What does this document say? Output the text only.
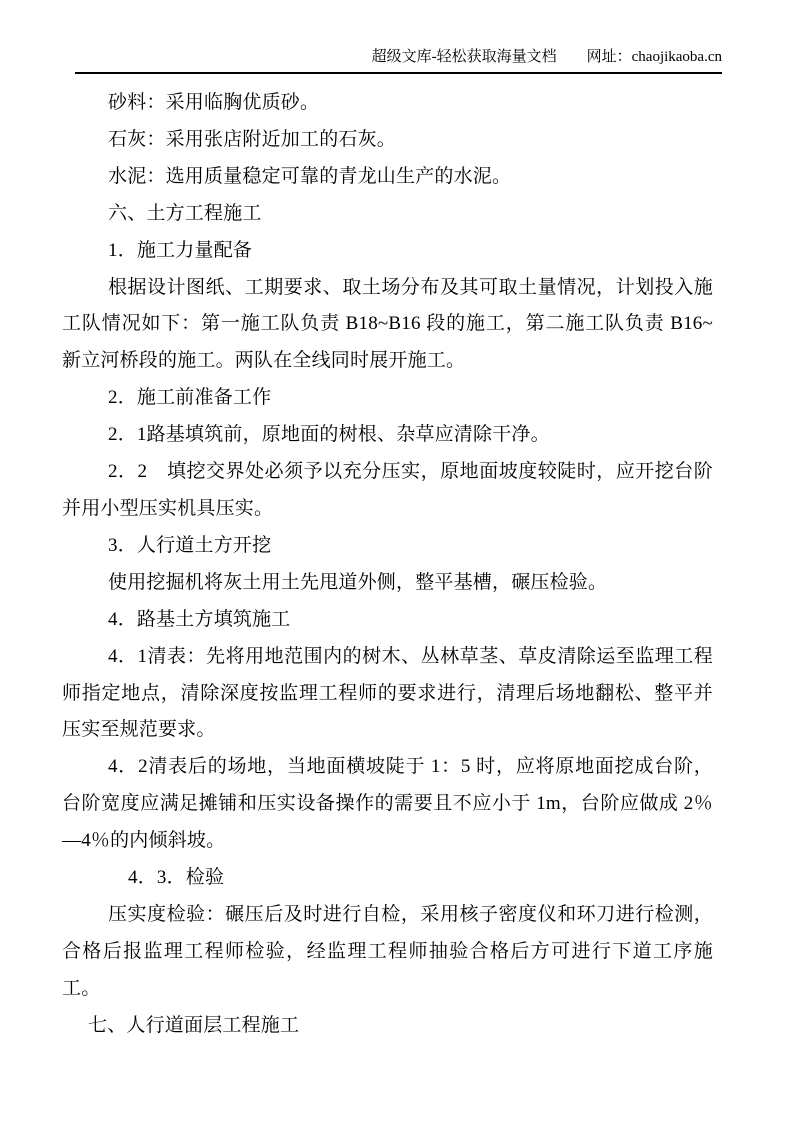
超级文库-轻松获取海量文档 网址：chaojikaoba.cn

砂料：采用临胸优质砂。

石灰：采用张店附近加工的石灰。

水泥：选用质量稳定可靠的青龙山生产的水泥。

六、土方工程施工

1．施工力量配备

根据设计图纸、工期要求、取土场分布及其可取土量情况，计划投入施工队情况如下：第一施工队负责 B18~B16 段的施工，第二施工队负责 B16~新立河桥段的施工。两队在全线同时展开施工。

2．施工前准备工作

2．1路基填筑前，原地面的树根、杂草应清除干净。

2．2　填挖交界处必须予以充分压实，原地面坡度较陡时，应开挖台阶并用小型压实机具压实。

3．人行道土方开挖

使用挖掘机将灰土用土先甩道外侧，整平基槽，碾压检验。

4．路基土方填筑施工

4．1清表：先将用地范围内的树木、丛林草茎、草皮清除运至监理工程师指定地点，清除深度按监理工程师的要求进行，清理后场地翻松、整平并压实至规范要求。

4．2清表后的场地，当地面横坡陡于 1：5 时，应将原地面挖成台阶，台阶宽度应满足摊铺和压实设备操作的需要且不应小于 1m，台阶应做成 2％—4％的内倾斜坡。

4．3．检验

压实度检验：碾压后及时进行自检，采用核子密度仪和环刀进行检测，合格后报监理工程师检验，经监理工程师抽验合格后方可进行下道工序施工。

七、人行道面层工程施工
